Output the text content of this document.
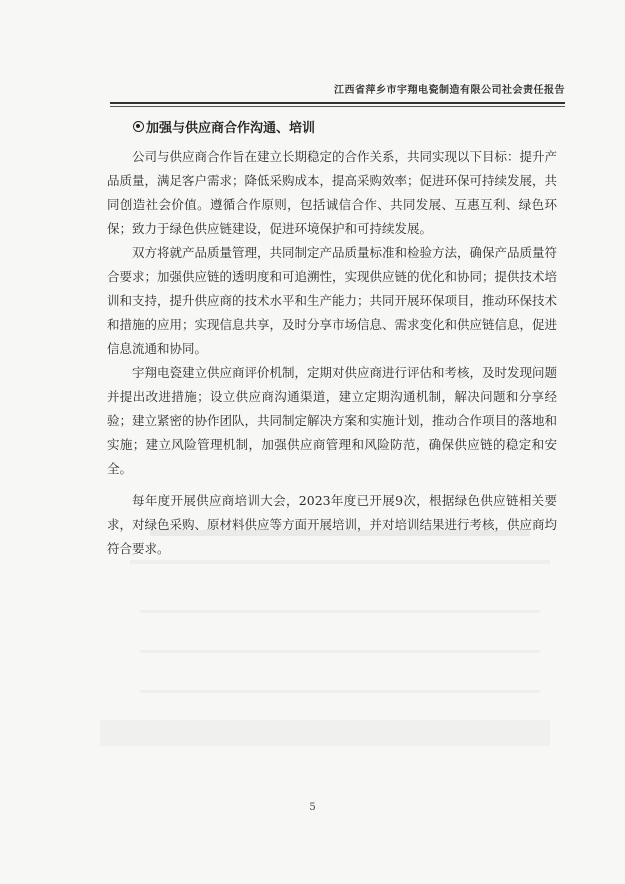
江西省萍乡市宇翔电瓷制造有限公司社会责任报告
加强与供应商合作沟通、培训

公司与供应商合作旨在建立长期稳定的合作关系，共同实现以下目标：提升产品质量，满足客户需求；降低采购成本，提高采购效率；促进环保可持续发展，共同创造社会价值。遵循合作原则，包括诚信合作、共同发展、互惠互利、绿色环保；致力于绿色供应链建设，促进环境保护和可持续发展。

双方将就产品质量管理，共同制定产品质量标准和检验方法，确保产品质量符合要求；加强供应链的透明度和可追溯性，实现供应链的优化和协同；提供技术培训和支持，提升供应商的技术水平和生产能力；共同开展环保项目，推动环保技术和措施的应用；实现信息共享，及时分享市场信息、需求变化和供应链信息，促进信息流通和协同。

宇翔电瓷建立供应商评价机制，定期对供应商进行评估和考核，及时发现问题并提出改进措施；设立供应商沟通渠道，建立定期沟通机制，解决问题和分享经验；建立紧密的协作团队，共同制定解决方案和实施计划，推动合作项目的落地和实施；建立风险管理机制，加强供应商管理和风险防范，确保供应链的稳定和安全。

每年度开展供应商培训大会，2023年度已开展9次，根据绿色供应链相关要求，对绿色采购、原材料供应等方面开展培训，并对培训结果进行考核，供应商均符合要求。

5
